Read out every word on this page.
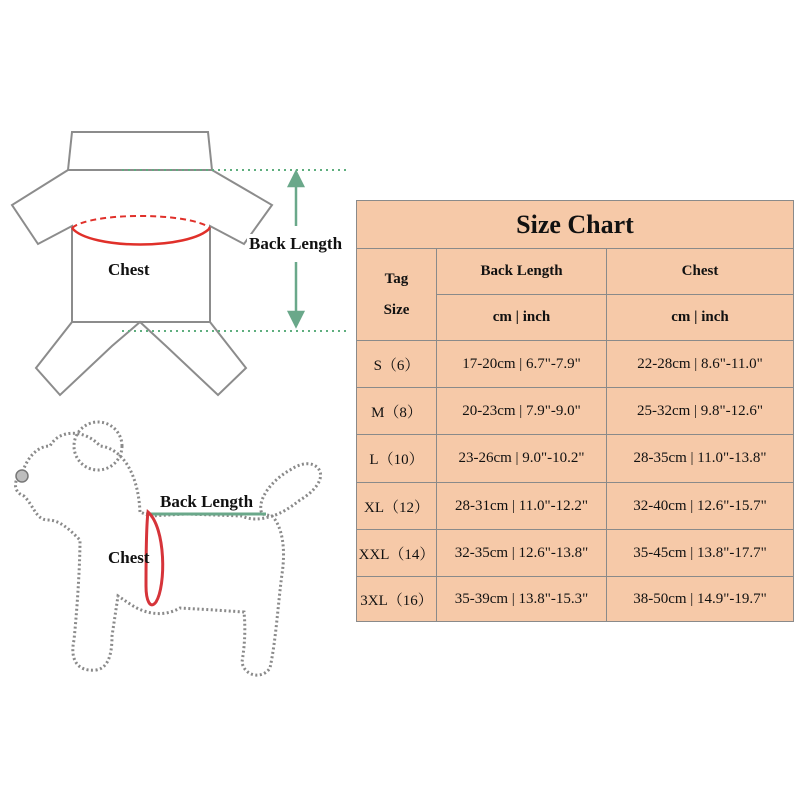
Chest
Back Length
Back Length
Chest
Size Chart
Tag
Size
Back Length	Chest
cm | inch	cm | inch
S（6）	17-20cm | 6.7"-7.9"	22-28cm | 8.6"-11.0"
M（8）	20-23cm | 7.9"-9.0"	25-32cm | 9.8"-12.6"
L（10）	23-26cm | 9.0"-10.2"	28-35cm | 11.0"-13.8"
XL（12）	28-31cm | 11.0"-12.2"	32-40cm | 12.6"-15.7"
XXL（14）	32-35cm | 12.6"-13.8"	35-45cm | 13.8"-17.7"
3XL（16）	35-39cm | 13.8"-15.3"	38-50cm | 14.9"-19.7"
